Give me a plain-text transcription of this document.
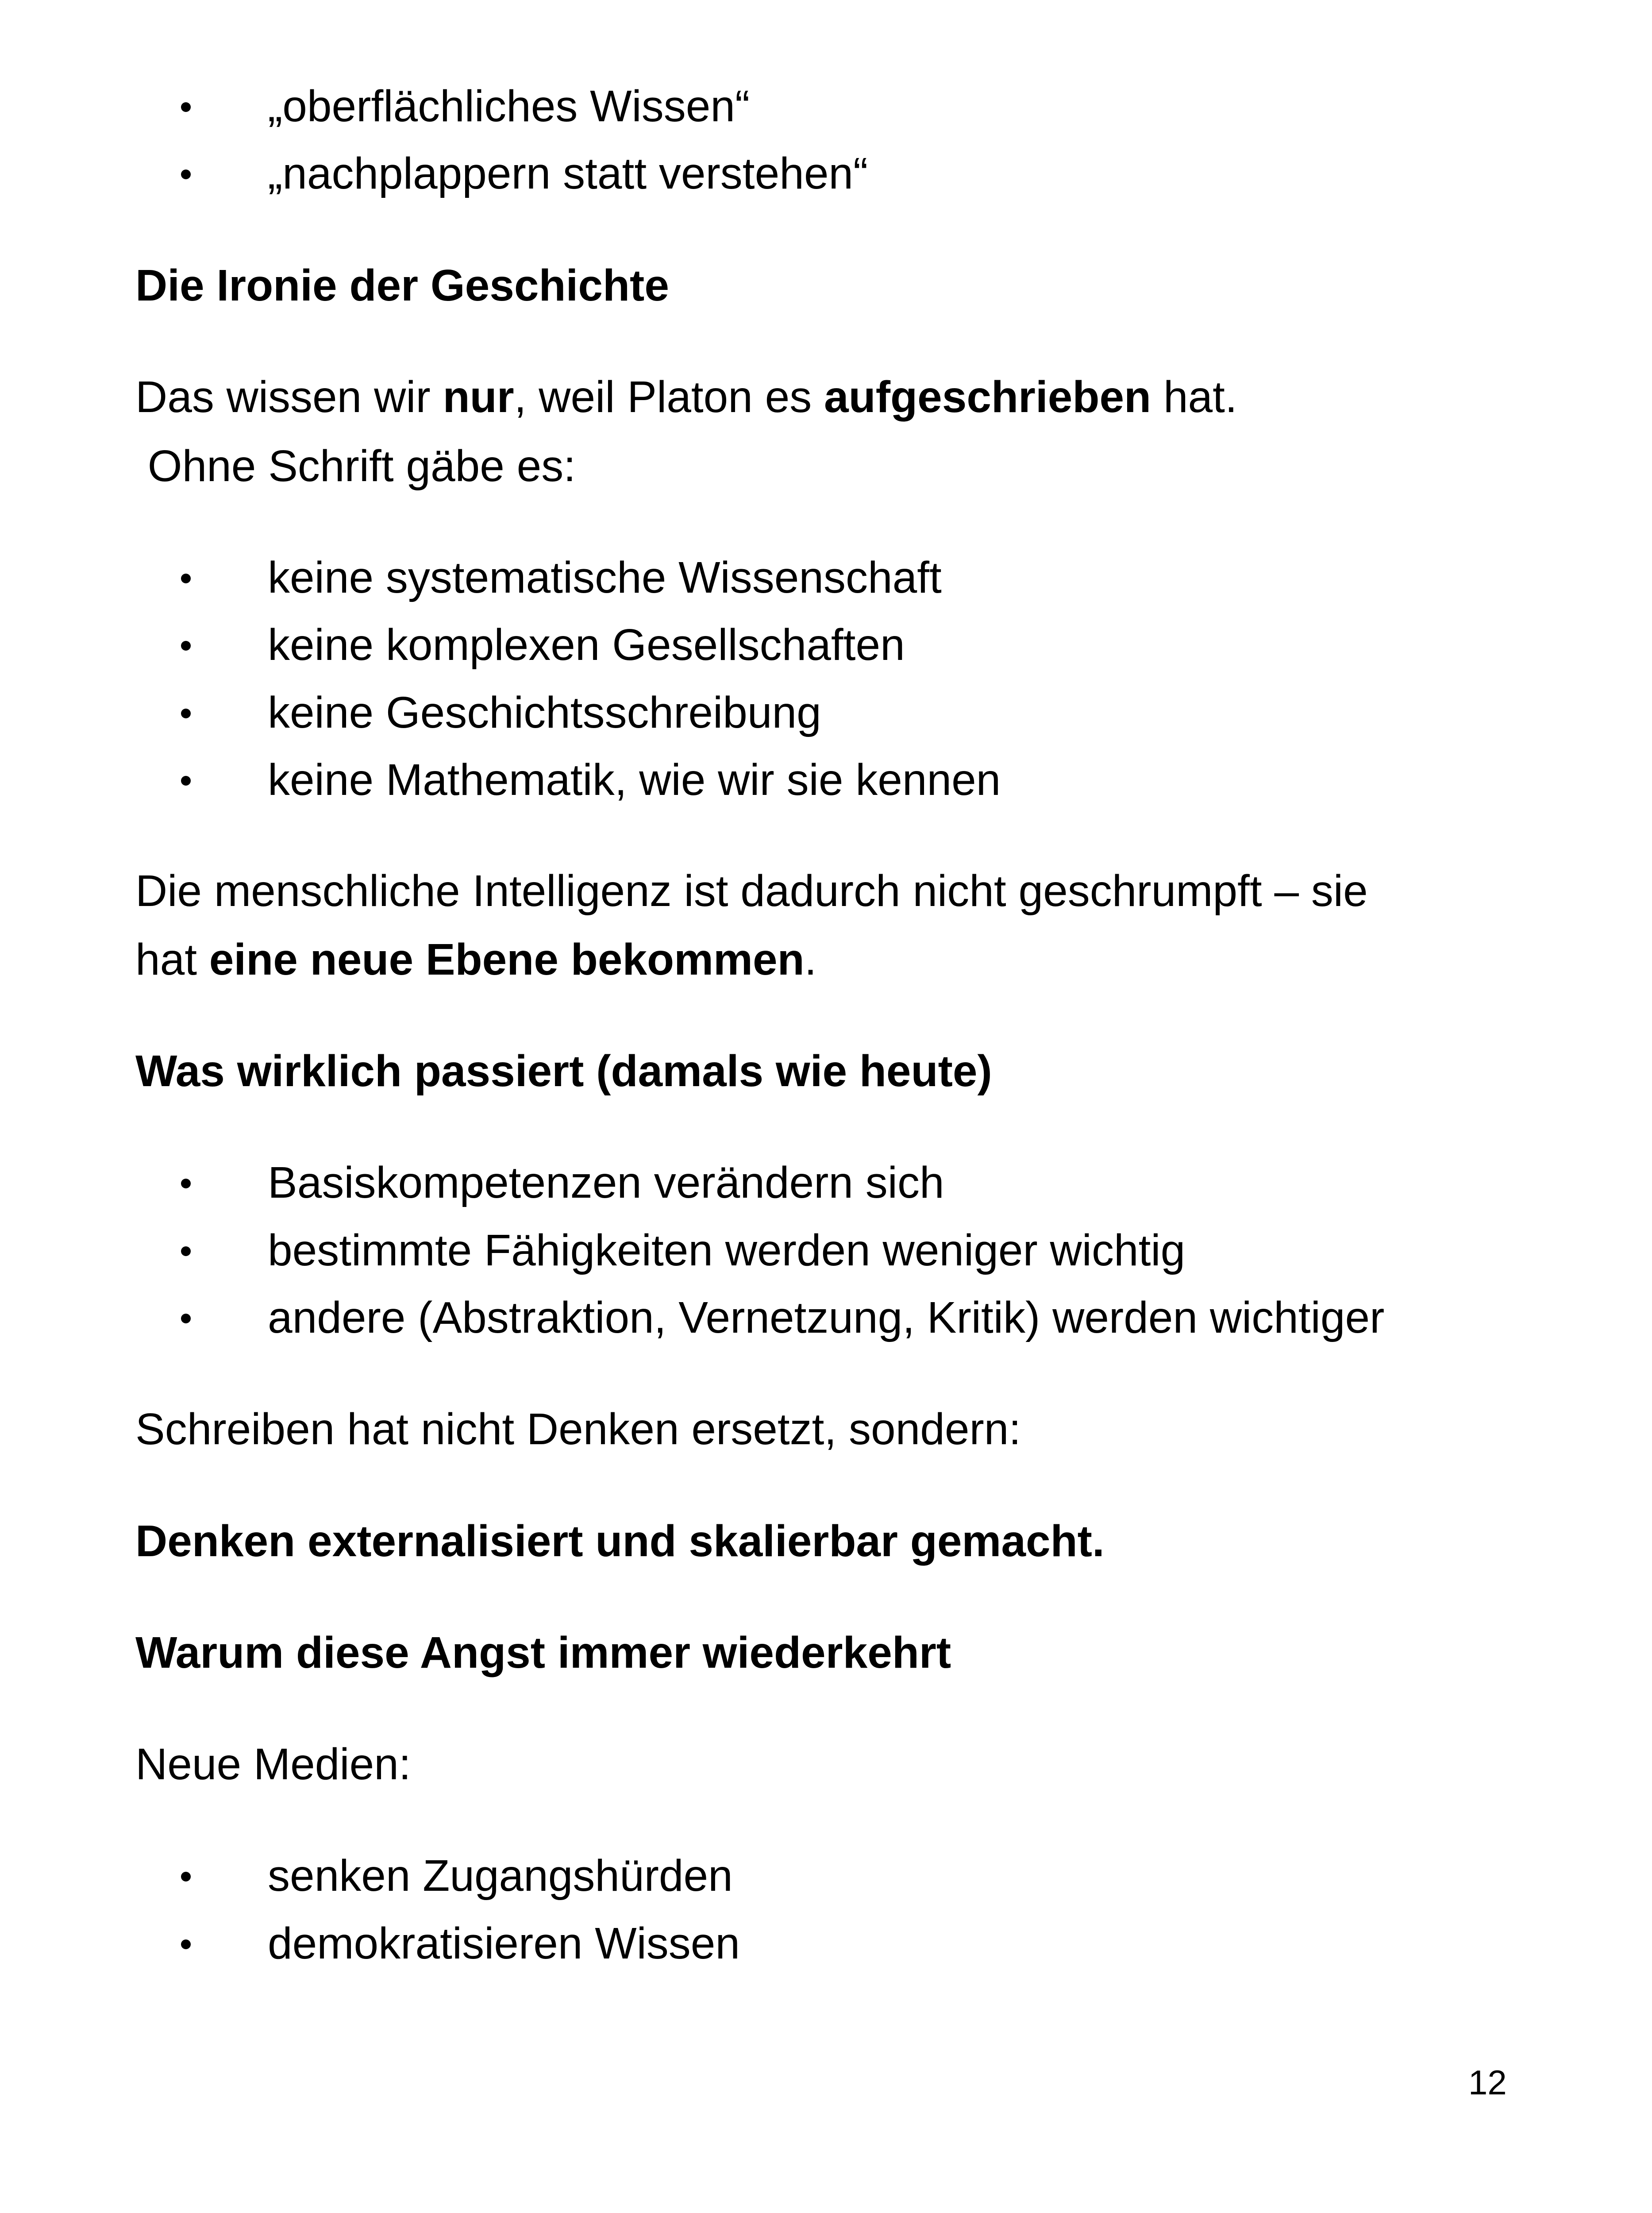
„oberflächliches Wissen“
„nachplappern statt verstehen“

Die Ironie der Geschichte

Das wissen wir nur, weil Platon es aufgeschrieben hat.

Ohne Schrift gäbe es:

keine systematische Wissenschaft
keine komplexen Gesellschaften
keine Geschichtsschreibung
keine Mathematik, wie wir sie kennen

Die menschliche Intelligenz ist dadurch nicht geschrumpft – sie

hat eine neue Ebene bekommen.

Was wirklich passiert (damals wie heute)

Basiskompetenzen verändern sich
bestimmte Fähigkeiten werden weniger wichtig
andere (Abstraktion, Vernetzung, Kritik) werden wichtiger

Schreiben hat nicht Denken ersetzt, sondern:

Denken externalisiert und skalierbar gemacht.

Warum diese Angst immer wiederkehrt

Neue Medien:

senken Zugangshürden
demokratisieren Wissen
12
